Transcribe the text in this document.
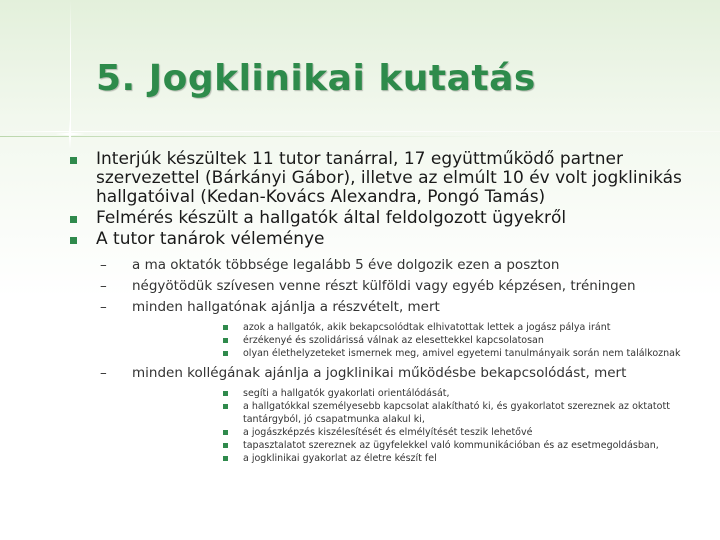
5. Jogklinikai kutatás
Interjúk készültek 11 tutor tanárral, 17 együttműködő partner szervezettel (Bárkányi Gábor), illetve az elmúlt 10 év volt jogklinikás hallgatóival (Kedan-Kovács Alexandra, Pongó Tamás)
Felmérés készült a hallgatók által feldolgozott ügyekről
A tutor tanárok véleménye
– a ma oktatók többsége legalább 5 éve dolgozik ezen a poszton
– négyötödük szívesen venne részt külföldi vagy egyéb képzésen, tréningen
– minden hallgatónak ajánlja a részvételt, mert
azok a hallgatók, akik bekapcsolódtak elhivatottak lettek a jogász pálya iránt
érzékenyé és szolidárissá válnak az elesettekkel kapcsolatosan
olyan élethelyzeteket ismernek meg, amivel egyetemi tanulmányaik során nem találkoznak
– minden kollégának ajánlja a jogklinikai működésbe bekapcsolódást, mert
segíti a hallgatók gyakorlati orientálódását,
a hallgatókkal személyesebb kapcsolat alakítható ki, és gyakorlatot szereznek az oktatott tantárgyból, jó csapatmunka alakul ki,
a jogászképzés kiszélesítését és elmélyítését teszik lehetővé
tapasztalatot szereznek az ügyfelekkel való kommunikációban és az esetmegoldásban,
a jogklinikai gyakorlat az életre készít fel
